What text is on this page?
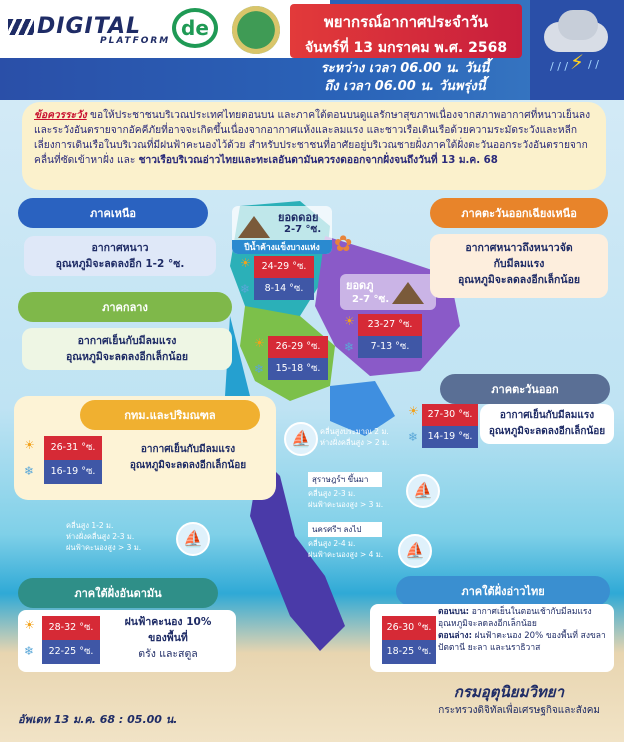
DIGITAL
PLATFORM
de	พยากรณ์อากาศประจำวัน
จันทร์ที่ 13 มกราคม พ.ศ. 2568
ระหว่าง เวลา 06.00 น. วันนี้
ถึง เวลา 06.00 น. วันพรุ่งนี้
⚡
/ / / / /
ข้อควรระวัง ขอให้ประชาชนบริเวณประเทศไทยตอนบน และภาคใต้ตอนบนดูแลรักษาสุขภาพเนื่องจากสภาพอากาศที่หนาวเย็นลง และระวังอันตรายจากอัคคีภัยที่อาจจะเกิดขึ้นเนื่องจากอากาศแห้งและลมแรง และชาวเรือเดินเรือด้วยความระมัดระวังและหลีกเลี่ยงการเดินเรือในบริเวณที่มีฝนฟ้าคะนองไว้ด้วย สำหรับประชาชนที่อาศัยอยู่บริเวณชายฝั่งภาคใต้ฝั่งตะวันออกระวังอันตรายจากคลื่นที่ซัดเข้าหาฝั่ง และ ชาวเรือบริเวณอ่าวไทยและทะเลอันดามันควรงดออกจากฝั่งจนถึงวันที่ 13 ม.ค. 68
ยอดดอย
2-7 °ซ.
ปีน้ำค้างแข็งบางแห่ง ✿
ยอดภู
2-7 °ซ.
24-29 °ซ.
8-14 °ซ.
☀
❄
23-27 °ซ.
7-13 °ซ.
☀
❄
26-29 °ซ.
15-18 °ซ.
☀
❄
ภาคเหนือ
อากาศหนาว
อุณหภูมิจะลดลงอีก 1-2 °ซ.
ภาคตะวันออกเฉียงเหนือ
อากาศหนาวถึงหนาวจัด
กับมีลมแรง
อุณหภูมิจะลดลงอีกเล็กน้อย
ภาคกลาง
อากาศเย็นกับมีลมแรง
อุณหภูมิจะลดลงอีกเล็กน้อย
ภาคตะวันออก
27-30 °ซ.
14-19 °ซ.
☀
❄
อากาศเย็นกับมีลมแรง
อุณหภูมิจะลดลงอีกเล็กน้อย
กทม.และปริมณฑล
26-31 °ซ.
16-19 °ซ.
☀
❄
อากาศเย็นกับมีลมแรง
อุณหภูมิจะลดลงอีกเล็กน้อย
⛵	คลื่นสูงประมาณ 2 ม.
ห่างฝั่งคลื่นสูง > 2 ม.
สุราษฎร์ฯ ขึ้นมา
คลื่นสูง 2-3 ม.
ฝนฟ้าคะนองสูง > 3 ม.
⛵
นครศรีฯ ลงไป
คลื่นสูง 2-4 ม.
ฝนฟ้าคะนองสูง > 4 ม.	⛵
คลื่นสูง 1-2 ม.
ห่างฝั่งคลื่นสูง 2-3 ม.
ฝนฟ้าคะนองสูง > 3 ม.	⛵
ภาคใต้ฝั่งอันดามัน
28-32 °ซ.
22-25 °ซ.
☀
❄
ฝนฟ้าคะนอง 10%
ของพื้นที่
ตรัง และสตูล
ภาคใต้ฝั่งอ่าวไทย
26-30 °ซ.
18-25 °ซ.
ตอนบน: อากาศเย็นในตอนเช้ากับมีลมแรง อุณหภูมิจะลดลงอีกเล็กน้อย
ตอนล่าง: ฝนฟ้าคะนอง 20% ของพื้นที่ สงขลา ปัตตานี ยะลา และนราธิวาส
อัพเดท 13 ม.ค. 68 : 05.00 น.
กรมอุตุนิยมวิทยา
กระทรวงดิจิทัลเพื่อเศรษฐกิจและสังคม
